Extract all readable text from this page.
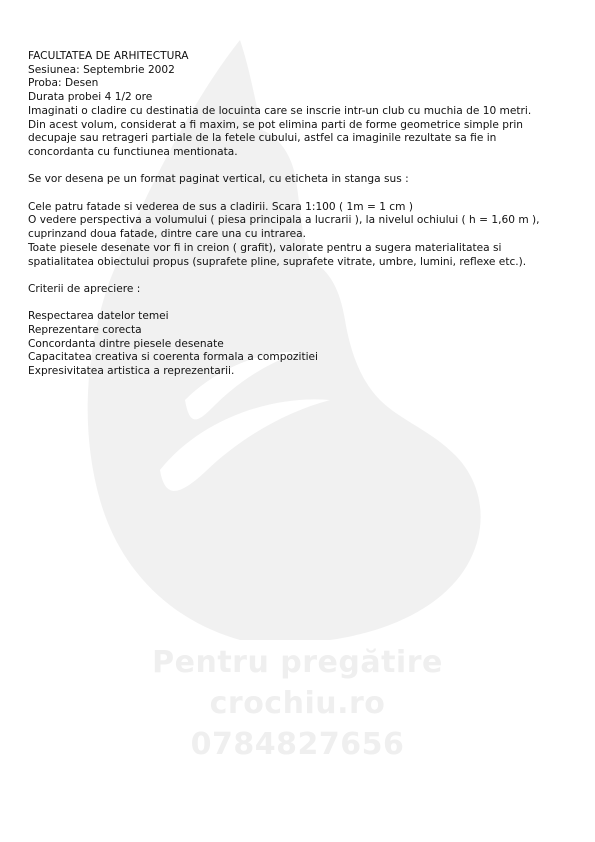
Pentru pregătire
crochiu.ro
0784827656
FACULTATEA DE ARHITECTURA
Sesiunea: Septembrie 2002
Proba: Desen
Durata probei 4 1/2 ore
Imaginati o cladire cu destinatia de locuinta care se inscrie intr-un club cu muchia de 10 metri.
Din acest volum, considerat a fi maxim, se pot elimina parti de forme geometrice simple prin
decupaje sau retrageri partiale de la fetele cubului, astfel ca imaginile rezultate sa fie in
concordanta cu functiunea mentionata.
Se vor desena pe un format paginat vertical, cu eticheta in stanga sus :
Cele patru fatade si vederea de sus a cladirii. Scara 1:100 ( 1m = 1 cm )
O vedere perspectiva a volumului ( piesa principala a lucrarii ), la nivelul ochiului ( h = 1,60 m ),
cuprinzand doua fatade, dintre care una cu intrarea.
Toate piesele desenate vor fi in creion ( grafit), valorate pentru a sugera materialitatea si
spatialitatea obiectului propus (suprafete pline, suprafete vitrate, umbre, lumini, reflexe etc.).
Criterii de apreciere :
Respectarea datelor temei
Reprezentare corecta
Concordanta dintre piesele desenate
Capacitatea creativa si coerenta formala a compozitiei
Expresivitatea artistica a reprezentarii.
